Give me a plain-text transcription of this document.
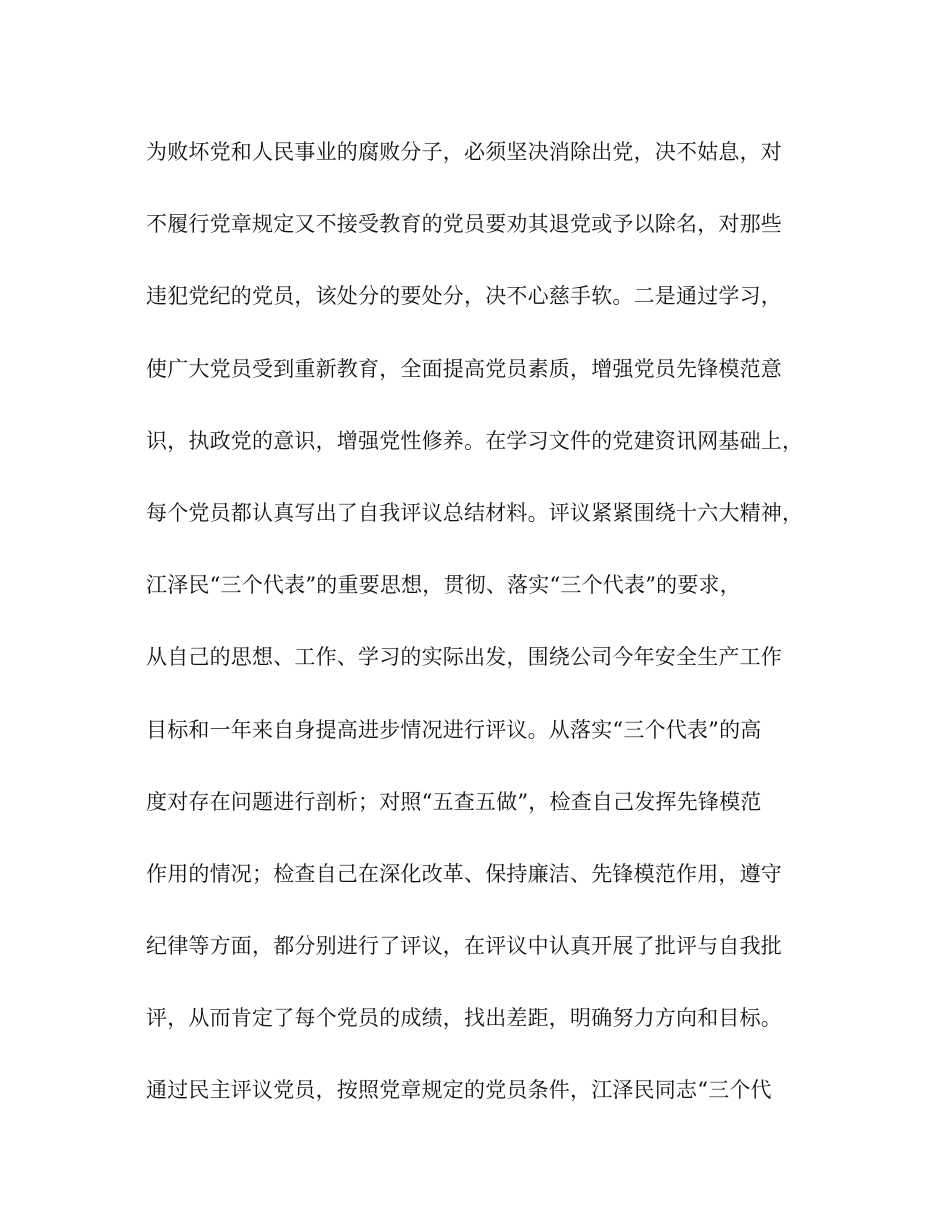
为败坏党和人民事业的腐败分子，必须坚决消除出党，决不姑息，对
不履行党章规定又不接受教育的党员要劝其退党或予以除名，对那些
违犯党纪的党员，该处分的要处分，决不心慈手软。二是通过学习，
使广大党员受到重新教育，全面提高党员素质，增强党员先锋模范意
识，执政党的意识，增强党性修养。在学习文件的党建资讯网基础上，
每个党员都认真写出了自我评议总结材料。评议紧紧围绕十六大精神，
江泽民“三个代表”的重要思想，贯彻、落实“三个代表”的要求，
从自己的思想、工作、学习的实际出发，围绕公司今年安全生产工作
目标和一年来自身提高进步情况进行评议。从落实“三个代表”的高
度对存在问题进行剖析；对照“五查五做”，检查自己发挥先锋模范
作用的情况；检查自己在深化改革、保持廉洁、先锋模范作用，遵守
纪律等方面，都分别进行了评议，在评议中认真开展了批评与自我批
评，从而肯定了每个党员的成绩，找出差距，明确努力方向和目标。
通过民主评议党员，按照党章规定的党员条件，江泽民同志“三个代
